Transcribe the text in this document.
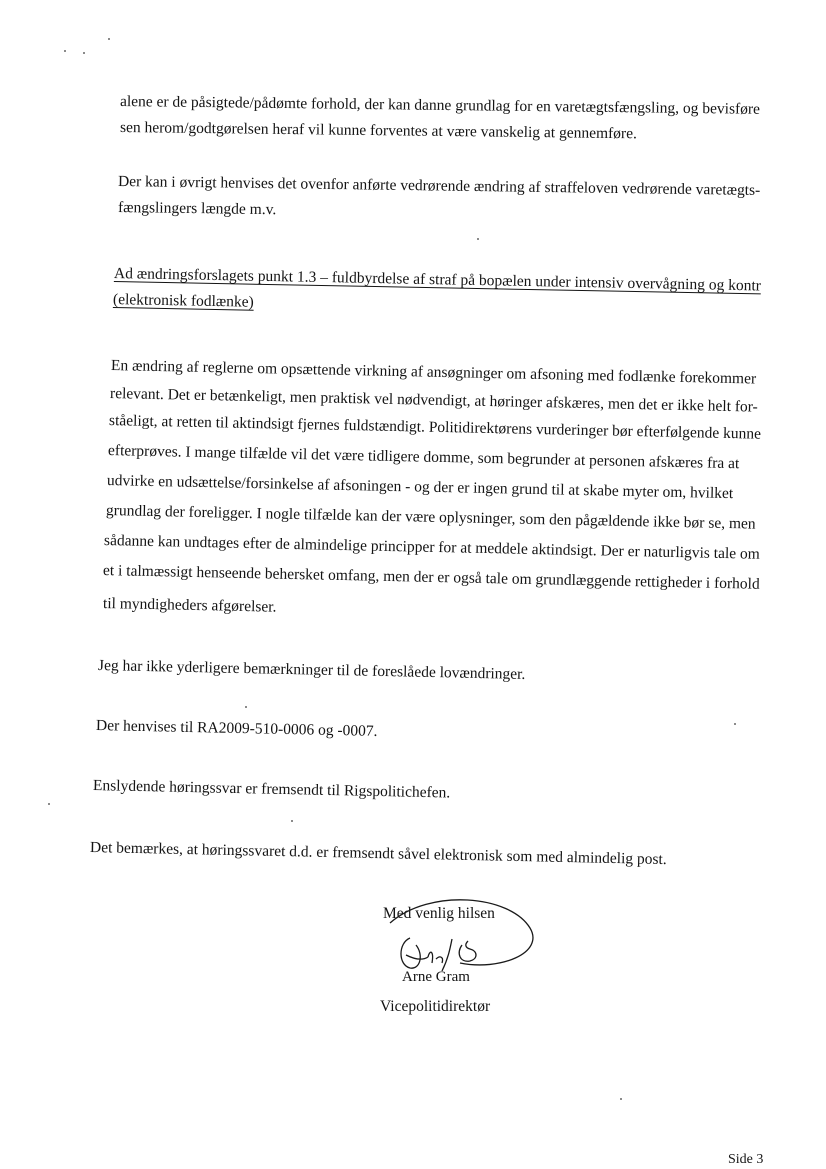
alene er de påsigtede/pådømte forhold, der kan danne grundlag for en varetægtsfængsling, og bevisføre
sen herom/godtgørelsen heraf vil kunne forventes at være vanskelig at gennemføre.
Der kan i øvrigt henvises det ovenfor anførte vedrørende ændring af straffeloven vedrørende varetægts-
fængslingers længde m.v.
Ad ændringsforslagets punkt 1.3 – fuldbyrdelse af straf på bopælen under intensiv overvågning og kontr
(elektronisk fodlænke)
En ændring af reglerne om opsættende virkning af ansøgninger om afsoning med fodlænke forekommer
relevant. Det er betænkeligt, men praktisk vel nødvendigt, at høringer afskæres, men det er ikke helt for-
ståeligt, at retten til aktindsigt fjernes fuldstændigt. Politidirektørens vurderinger bør efterfølgende kunne
efterprøves. I mange tilfælde vil det være tidligere domme, som begrunder at personen afskæres fra at
udvirke en udsættelse/forsinkelse af afsoningen - og der er ingen grund til at skabe myter om, hvilket
grundlag der foreligger. I nogle tilfælde kan der være oplysninger, som den pågældende ikke bør se, men
sådanne kan undtages efter de almindelige principper for at meddele aktindsigt. Der er naturligvis tale om
et i talmæssigt henseende behersket omfang, men der er også tale om grundlæggende rettigheder i forhold
til myndigheders afgørelser.
Jeg har ikke yderligere bemærkninger til de foreslåede lovændringer.
Der henvises til RA2009-510-0006 og -0007.
Enslydende høringssvar er fremsendt til Rigspolitichefen.
Det bemærkes, at høringssvaret d.d. er fremsendt såvel elektronisk som med almindelig post.
Med venlig hilsen
Arne Gram
Vicepolitidirektør
Side 3
